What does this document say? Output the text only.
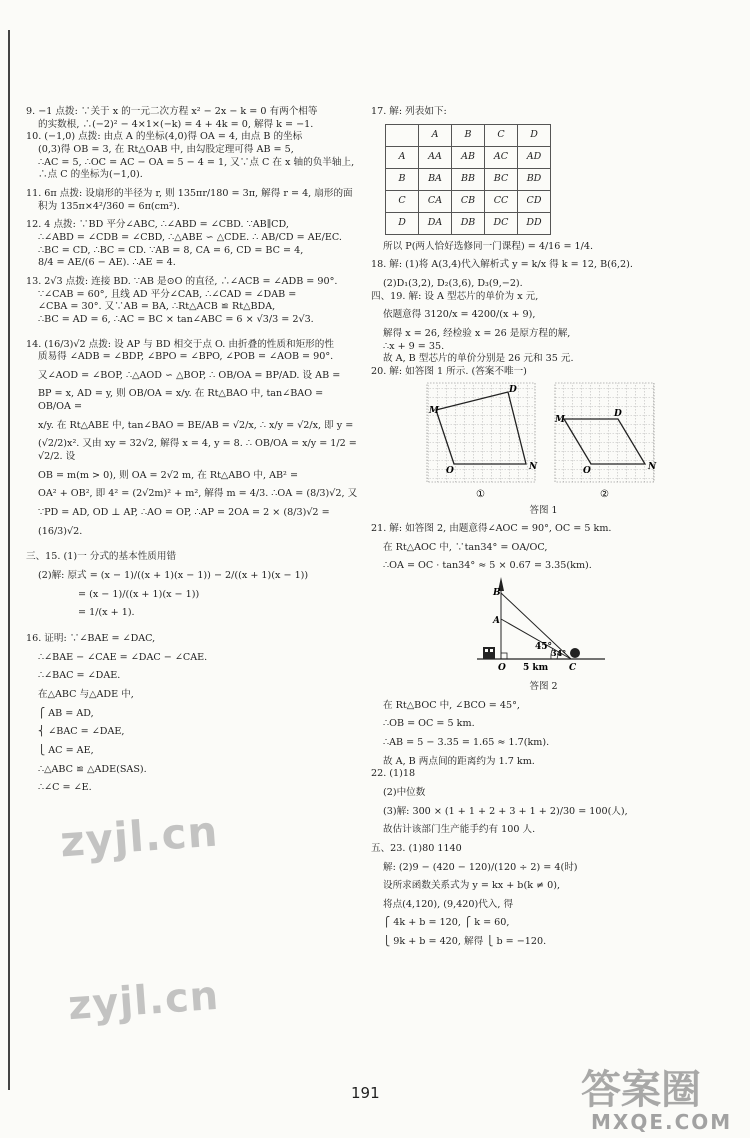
9. −1 点拨: ∵关于 x 的一元二次方程 x² − 2x − k = 0 有两个相等

的实数根, ∴(−2)² − 4×1×(−k) = 4 + 4k = 0, 解得 k = −1.

10. (−1,0) 点拨: 由点 A 的坐标(4,0)得 OA = 4, 由点 B 的坐标

(0,3)得 OB = 3, 在 Rt△OAB 中, 由勾股定理可得 AB = 5,

∴AC = 5, ∴OC = AC − OA = 5 − 4 = 1, 又∵点 C 在 x 轴的负半轴上,

∴点 C 的坐标为(−1,0).

11. 6π 点拨: 设扇形的半径为 r, 则 135πr/180 = 3π, 解得 r = 4, 扇形的面

积为 135π×4²/360 = 6π(cm²).

12. 4 点拨: ∵BD 平分∠ABC, ∴∠ABD = ∠CBD. ∵AB∥CD,

∴∠ABD = ∠CDB = ∠CBD, ∴△ABE ∽ △CDE. ∴ AB/CD = AE/EC.

∴BC = CD, ∴BC = CD. ∵AB = 8, CA = 6, CD = BC = 4,

8/4 = AE/(6 − AE). ∴AE = 4.

13. 2√3 点拨: 连接 BD. ∵AB 是⊙O 的直径, ∴∠ACB = ∠ADB = 90°.

∵∠CAB = 60°, 且线 AD 平分∠CAB, ∴∠CAD = ∠DAB =

∠CBA = 30°. 又∵AB = BA, ∴Rt△ACB ≌ Rt△BDA,

∴BC = AD = 6, ∴AC = BC × tan∠ABC = 6 × √3/3 = 2√3.

14. (16/3)√2 点拨: 设 AP 与 BD 相交于点 O. 由折叠的性质和矩形的性

质易得 ∠ADB = ∠BDP, ∠BPO = ∠BPO, ∠POB = ∠AOB = 90°.

又∠AOD = ∠BOP, ∴△AOD ∽ △BOP, ∴ OB/OA = BP/AD. 设 AB =

BP = x, AD = y, 则 OB/OA = x/y. 在 Rt△BAO 中, tan∠BAO = OB/OA =

x/y. 在 Rt△ABE 中, tan∠BAO = BE/AB = √2/x, ∴ x/y = √2/x, 即 y =

(√2/2)x². 又由 xy = 32√2, 解得 x = 4, y = 8. ∴ OB/OA = x/y = 1/2 = √2/2. 设

OB = m(m > 0), 则 OA = 2√2 m, 在 Rt△ABO 中, AB² =

OA² + OB², 即 4² = (2√2m)² + m², 解得 m = 4/3. ∴OA = (8/3)√2, 又

∵PD = AD, OD ⊥ AP, ∴AO = OP, ∴AP = 2OA = 2 × (8/3)√2 =

(16/3)√2.

三、15. (1)一 分式的基本性质用错

(2)解: 原式 = (x − 1)/((x + 1)(x − 1)) − 2/((x + 1)(x − 1))

= (x − 1)/((x + 1)(x − 1))

= 1/(x + 1).

16. 证明: ∵∠BAE = ∠DAC,

∴∠BAE − ∠CAE = ∠DAC − ∠CAE.

∴∠BAC = ∠DAE.

在△ABC 与△ADE 中,

⎧ AB = AD,

⎨ ∠BAC = ∠DAE,

⎩ AC = AE,

∴△ABC ≌ △ADE(SAS).

∴∠C = ∠E.

17. 解: 列表如下:

	A	B	C	D
A	AA	AB	AC	AD
B	BA	BB	BC	BD
C	CA	CB	CC	CD
D	DA	DB	DC	DD

所以 P(两人恰好选修同一门课程) = 4/16 = 1/4.

18. 解: (1)将 A(3,4)代入解析式 y = k/x 得 k = 12, B(6,2).

(2)D₁(3,2), D₂(3,6), D₃(9,−2).

四、19. 解: 设 A 型芯片的单价为 x 元,

依题意得 3120/x = 4200/(x + 9),

解得 x = 26, 经检验 x = 26 是原方程的解,

∴x + 9 = 35.

故 A, B 型芯片的单价分别是 26 元和 35 元.

20. 解: 如答图 1 所示. (答案不唯一)

M
D
O	N
D
M
O	N
①	②
答图 1

21. 解: 如答图 2, 由题意得∠AOC = 90°, OC = 5 km.

在 Rt△AOC 中, ∵tan34° = OA/OC,

∴OA = OC · tan34° ≈ 5 × 0.67 = 3.35(km).

B
A
45°
34°
O 5 km C
答图 2

在 Rt△BOC 中, ∠BCO = 45°,

∴OB = OC = 5 km.

∴AB = 5 − 3.35 = 1.65 ≈ 1.7(km).

故 A, B 两点间的距离约为 1.7 km.

22. (1)18

(2)中位数

(3)解: 300 × (1 + 1 + 2 + 3 + 1 + 2)/30 = 100(人),

故估计该部门生产能手约有 100 人.

五、23. (1)80 1140

解: (2)9 − (420 − 120)/(120 ÷ 2) = 4(时)

设所求函数关系式为 y = kx + b(k ≠ 0),

将点(4,120), (9,420)代入, 得

⎧ 4k + b = 120, ⎧ k = 60,

⎩ 9k + b = 420, 解得 ⎩ b = −120.

191
zyjl.cn
zyjl.cn
答案圈
MXQE.COM
